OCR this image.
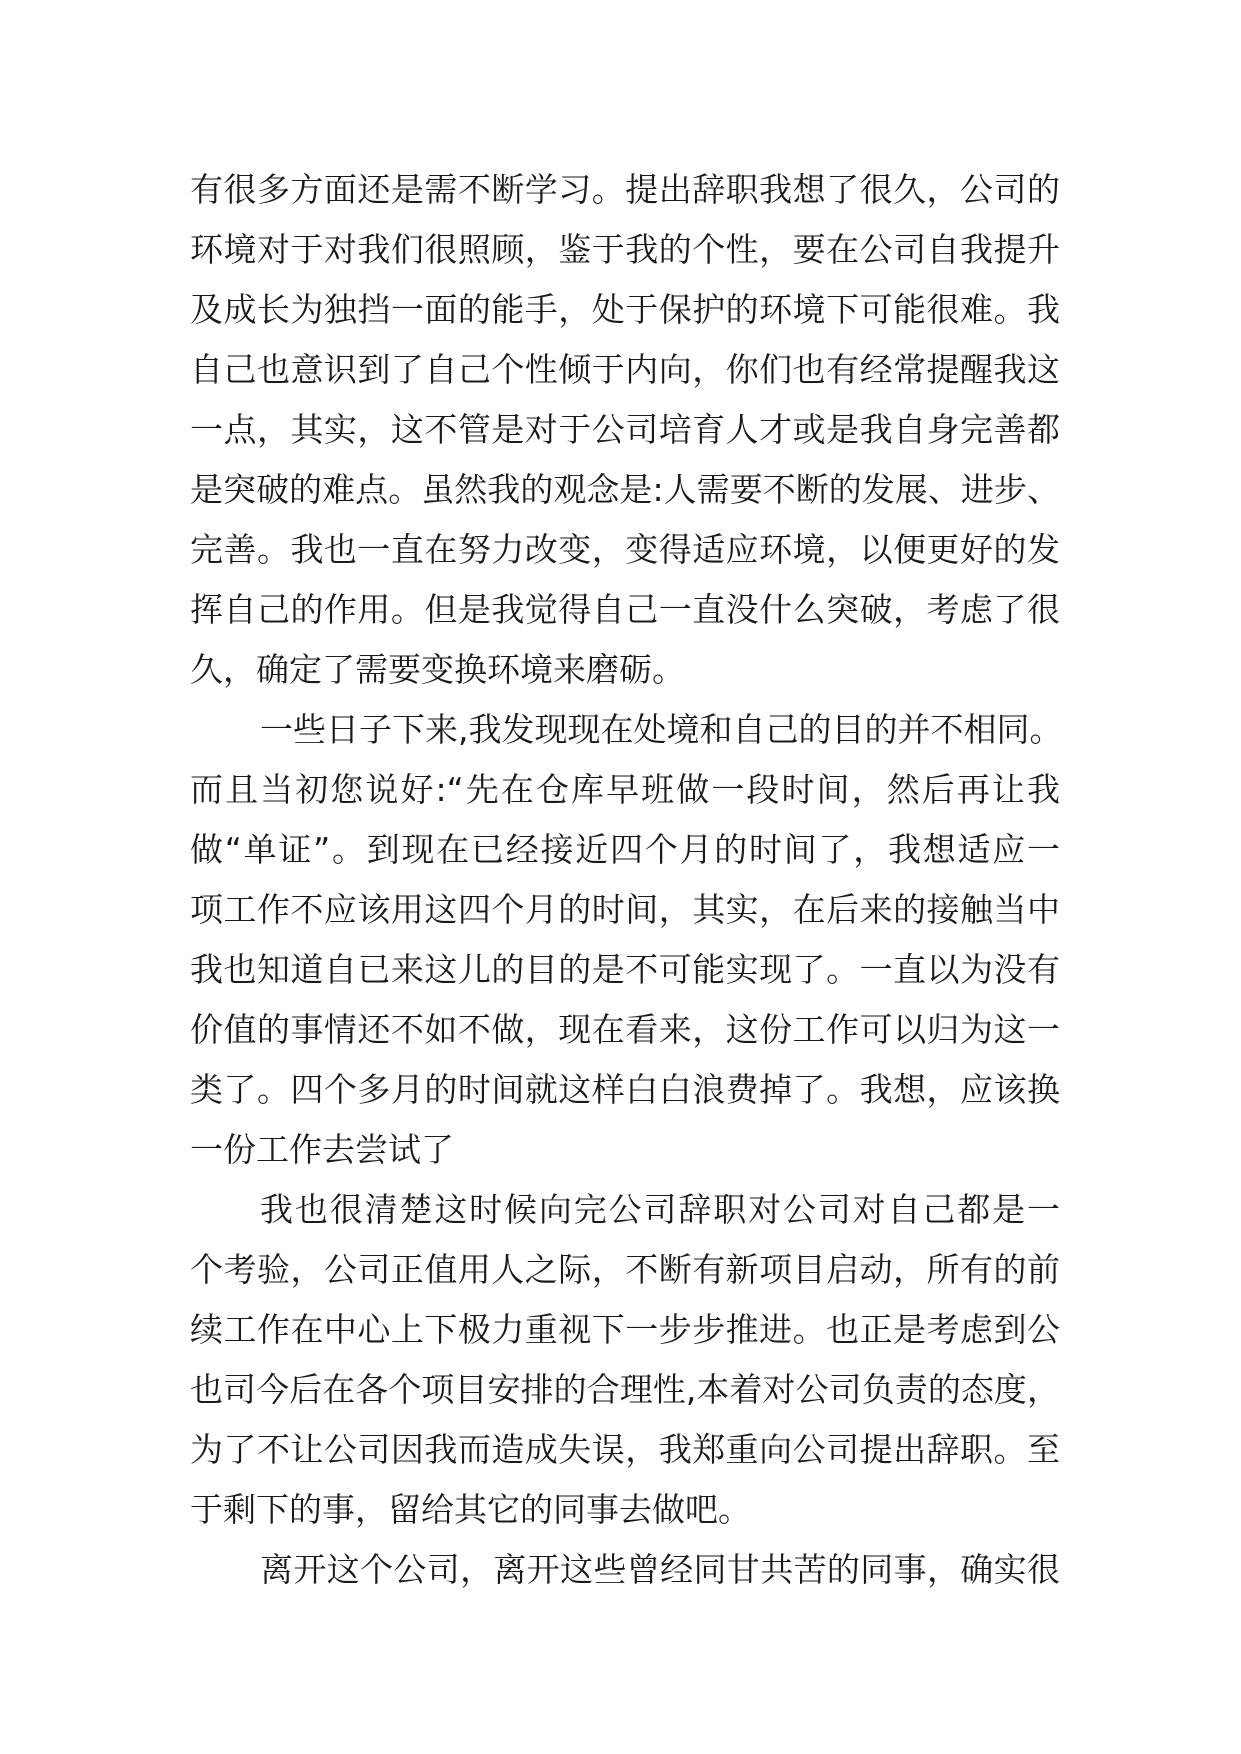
有很多方面还是需不断学习。提出辞职我想了很久，公司的
环境对于对我们很照顾，鉴于我的个性，要在公司自我提升
及成长为独挡一面的能手，处于保护的环境下可能很难。我
自己也意识到了自己个性倾于内向，你们也有经常提醒我这
一点，其实，这不管是对于公司培育人才或是我自身完善都
是突破的难点。虽然我的观念是:人需要不断的发展、进步、
完善。我也一直在努力改变，变得适应环境，以便更好的发
挥自己的作用。但是我觉得自己一直没什么突破，考虑了很
久，确定了需要变换环境来磨砺。
一些日子下来,我发现现在处境和自己的目的并不相同。
而且当初您说好:“先在仓库早班做一段时间，然后再让我
做“单证”。到现在已经接近四个月的时间了，我想适应一
项工作不应该用这四个月的时间，其实，在后来的接触当中
我也知道自已来这儿的目的是不可能实现了。一直以为没有
价值的事情还不如不做，现在看来，这份工作可以归为这一
类了。四个多月的时间就这样白白浪费掉了。我想，应该换
一份工作去尝试了
我也很清楚这时候向完公司辞职对公司对自己都是一
个考验，公司正值用人之际，不断有新项目启动，所有的前
续工作在中心上下极力重视下一步步推进。也正是考虑到公
也司今后在各个项目安排的合理性,本着对公司负责的态度，
为了不让公司因我而造成失误，我郑重向公司提出辞职。至
于剩下的事，留给其它的同事去做吧。
离开这个公司，离开这些曾经同甘共苦的同事，确实很
